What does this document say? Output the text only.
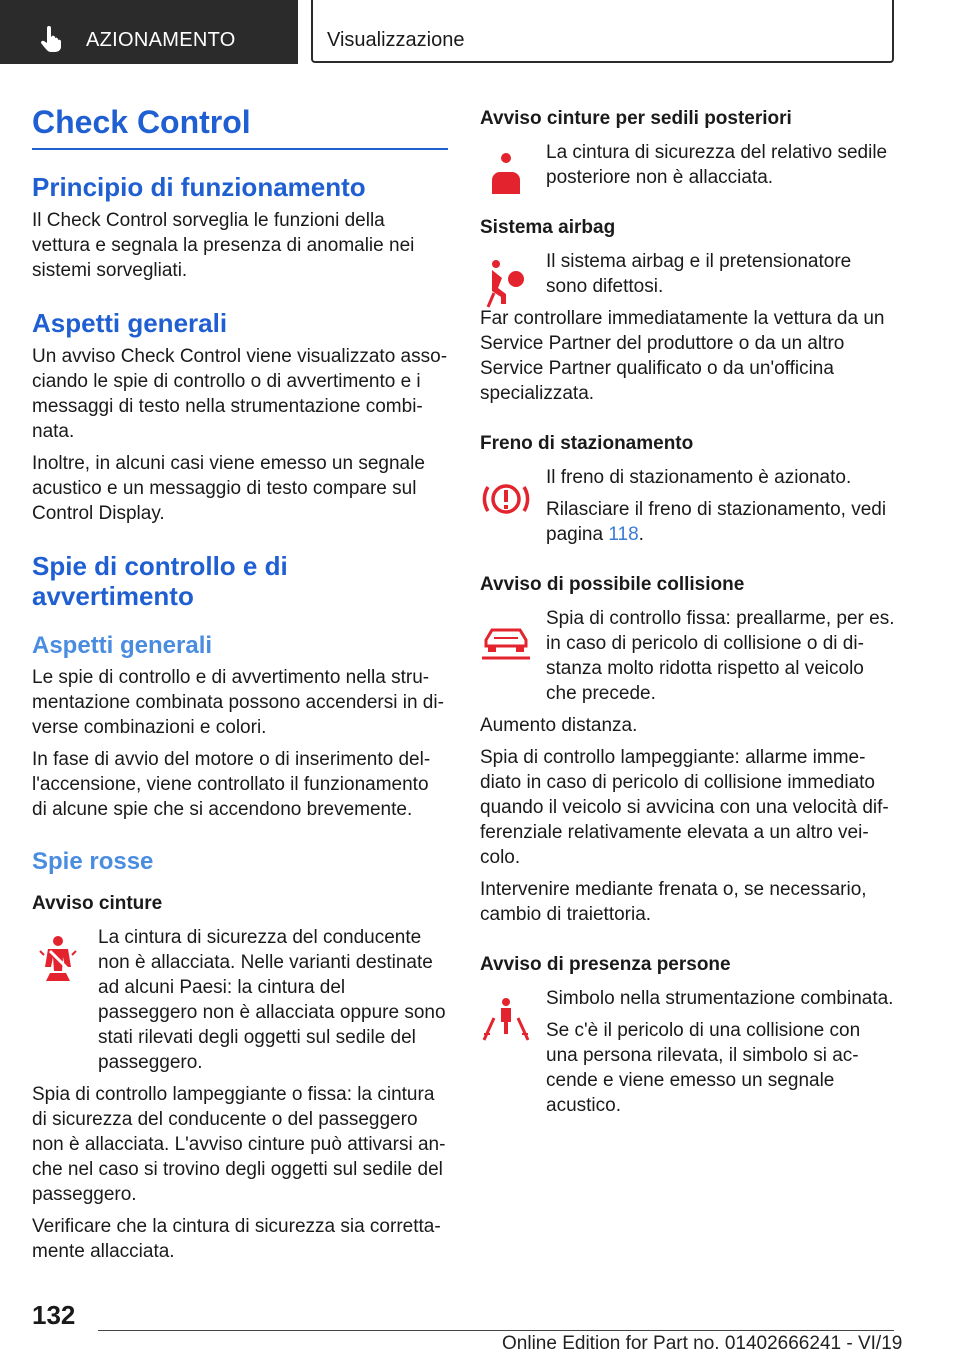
AZIONAMENTO	Visualizzazione
Check Control
Principio di funzionamento

Il Check Control sorveglia le funzioni della vettura e segnala la presenza di anomalie nei sistemi sorvegliati.

Aspetti generali

Un avviso Check Control viene visualizzato associando le spie di controllo o di avvertimento e i messaggi di testo nella strumentazione combinata.

Inoltre, in alcuni casi viene emesso un segnale acustico e un messaggio di testo compare sul Control Display.

Spie di controllo e di
avvertimento
Aspetti generali

Le spie di controllo e di avvertimento nella strumentazione combinata possono accendersi in diverse combinazioni e colori.

In fase di avvio del motore o di inserimento dell'accensione, viene controllato il funzionamento di alcune spie che si accendono brevemente.

Spie rosse
Avviso cinture

La cintura di sicurezza del conducente non è allacciata. Nelle varianti destinate ad alcuni Paesi: la cintura del passeggero non è allacciata oppure sono stati rilevati degli oggetti sul sedile del passeggero.

Spia di controllo lampeggiante o fissa: la cintura di sicurezza del conducente o del passeggero non è allacciata. L'avviso cinture può attivarsi anche nel caso si trovino degli oggetti sul sedile del passeggero.

Verificare che la cintura di sicurezza sia correttamente allacciata.

Avviso cinture per sedili posteriori

La cintura di sicurezza del relativo sedile posteriore non è allacciata.

Sistema airbag

Il sistema airbag e il pretensionatore sono difettosi.

Far controllare immediatamente la vettura da un Service Partner del produttore o da un altro Service Partner qualificato o da un'officina specializzata.

Freno di stazionamento

Il freno di stazionamento è azionato.

Rilasciare il freno di stazionamento, vedi pagina 118.

Avviso di possibile collisione

Spia di controllo fissa: preallarme, per es. in caso di pericolo di collisione o di distanza molto ridotta rispetto al veicolo che precede.

Aumento distanza.

Spia di controllo lampeggiante: allarme immediato in caso di pericolo di collisione immediato quando il veicolo si avvicina con una velocità differenziale relativamente elevata a un altro veicolo.

Intervenire mediante frenata o, se necessario, cambio di traiettoria.

Avviso di presenza persone

Simbolo nella strumentazione combinata.

Se c'è il pericolo di una collisione con una persona rilevata, il simbolo si accende e viene emesso un segnale acustico.

132
Online Edition for Part no. 01402666241 - VI/19
